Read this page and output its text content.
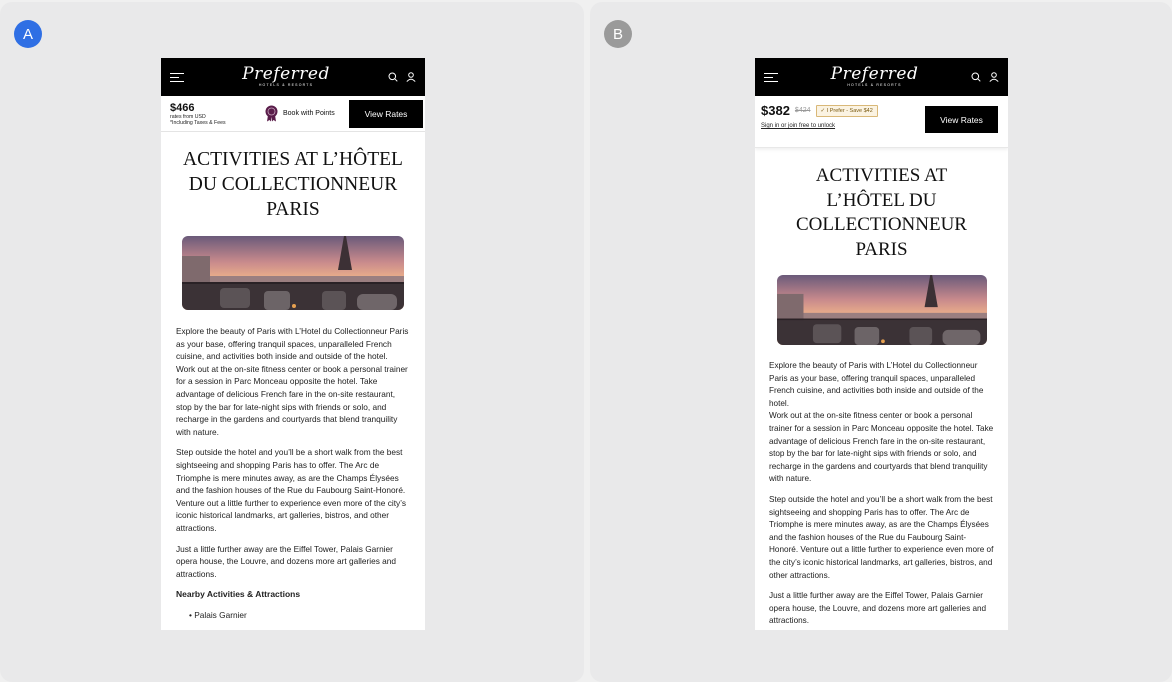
A
Preferred
HOTELS & RESORTS
$466
rates from USD
*Including Taxes & Fees
Book with Points	View Rates
ACTIVITIES AT L’HÔTEL
DU COLLECTIONNEUR
PARIS

Explore the beauty of Paris with L’Hotel du Collectionneur Paris as your base, offering tranquil spaces, unparalleled French cuisine, and activities both inside and outside of the hotel.

Work out at the on-site fitness center or book a personal trainer for a session in Parc Monceau opposite the hotel. Take advantage of delicious French fare in the on-site restaurant, stop by the bar for late-night sips with friends or solo, and recharge in the gardens and courtyards that blend tranquility with nature.

Step outside the hotel and you’ll be a short walk from the best sightseeing and shopping Paris has to offer. The Arc de Triomphe is mere minutes away, as are the Champs Élysées and the fashion houses of the Rue du Faubourg Saint-Honoré. Venture out a little further to experience even more of the city’s iconic historical landmarks, art galleries, bistros, and other attractions.

Just a little further away are the Eiffel Tower, Palais Garnier opera house, the Louvre, and dozens more art galleries and attractions.

Nearby Activities & Attractions
• Palais Garnier
B
Preferred
HOTELS & RESORTS
$382 $424	✓ I Prefer - Save $42
Sign in or join free to unlock
View Rates
ACTIVITIES AT
L’HÔTEL DU
COLLECTIONNEUR
PARIS

Explore the beauty of Paris with L’Hotel du Collectionneur Paris as your base, offering tranquil spaces, unparalleled French cuisine, and activities both inside and outside of the hotel.

Work out at the on-site fitness center or book a personal trainer for a session in Parc Monceau opposite the hotel. Take advantage of delicious French fare in the on-site restaurant, stop by the bar for late-night sips with friends or solo, and recharge in the gardens and courtyards that blend tranquility with nature.

Step outside the hotel and you’ll be a short walk from the best sightseeing and shopping Paris has to offer. The Arc de Triomphe is mere minutes away, as are the Champs Élysées and the fashion houses of the Rue du Faubourg Saint-Honoré. Venture out a little further to experience even more of the city’s iconic historical landmarks, art galleries, bistros, and other attractions.

Just a little further away are the Eiffel Tower, Palais Garnier opera house, the Louvre, and dozens more art galleries and attractions.
